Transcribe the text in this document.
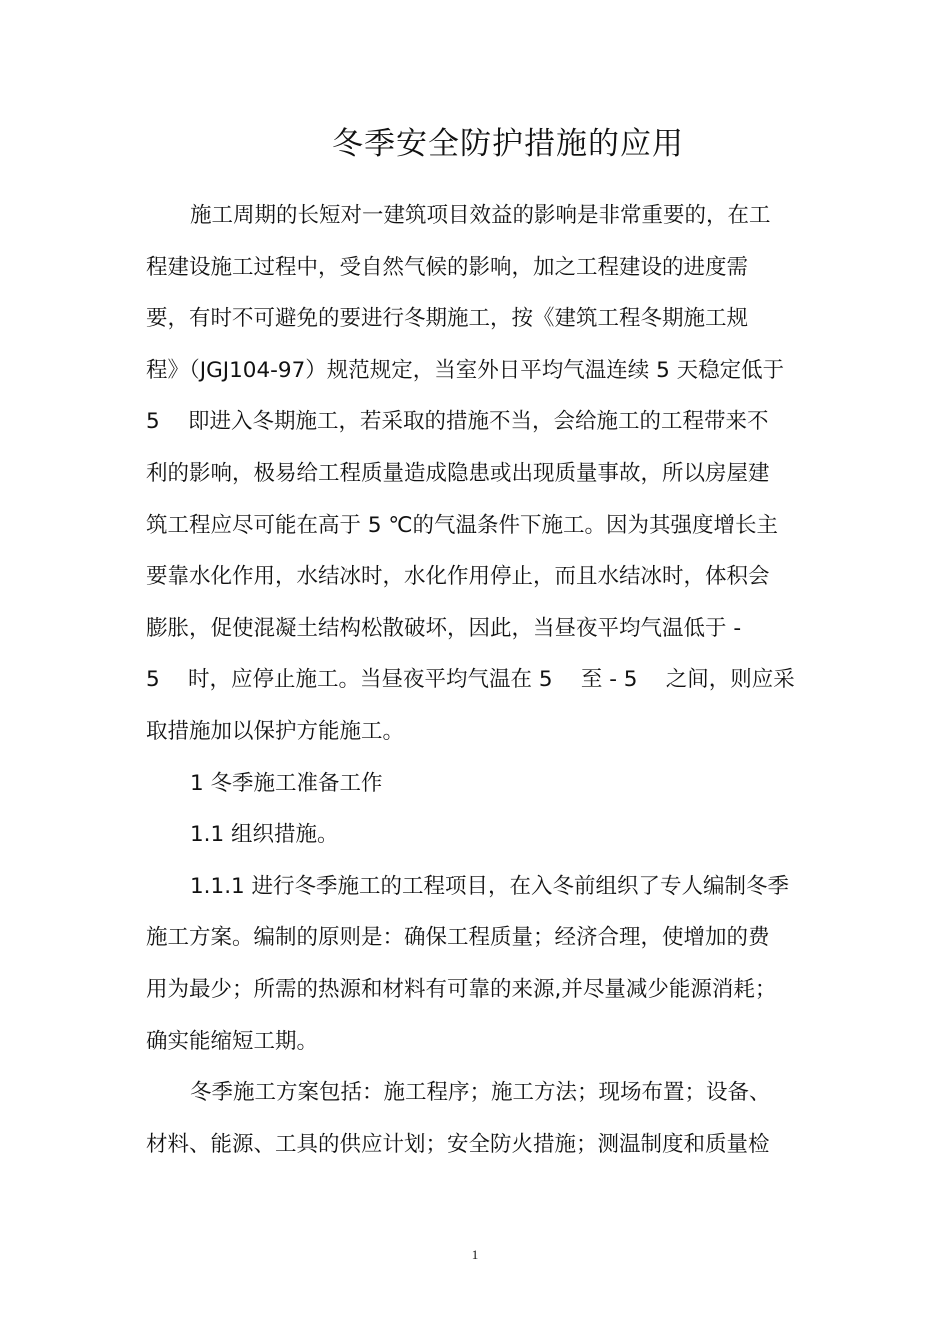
冬季安全防护措施的应用
施工周期的长短对一建筑项目效益的影响是非常重要的，在工
程建设施工过程中，受自然气候的影响，加之工程建设的进度需
要，有时不可避免的要进行冬期施工，按《建筑工程冬期施工规
程》（JGJ104-97）规范规定，当室外日平均气温连续 5 天稳定低于
5　 即进入冬期施工，若采取的措施不当，会给施工的工程带来不
利的影响，极易给工程质量造成隐患或出现质量事故，所以房屋建
筑工程应尽可能在高于 5 ℃的气温条件下施工。因为其强度增长主
要靠水化作用，水结冰时，水化作用停止，而且水结冰时，体积会
膨胀，促使混凝土结构松散破坏，因此，当昼夜平均气温低于 -
5　 时，应停止施工。当昼夜平均气温在 5　 至 - 5　 之间，则应采
取措施加以保护方能施工。
1 冬季施工准备工作
1.1 组织措施。
1.1.1 进行冬季施工的工程项目，在入冬前组织了专人编制冬季
施工方案。编制的原则是：确保工程质量；经济合理，使增加的费
用为最少；所需的热源和材料有可靠的来源,并尽量减少能源消耗；
确实能缩短工期。
冬季施工方案包括：施工程序；施工方法；现场布置；设备、
材料、能源、工具的供应计划；安全防火措施；测温制度和质量检
1
